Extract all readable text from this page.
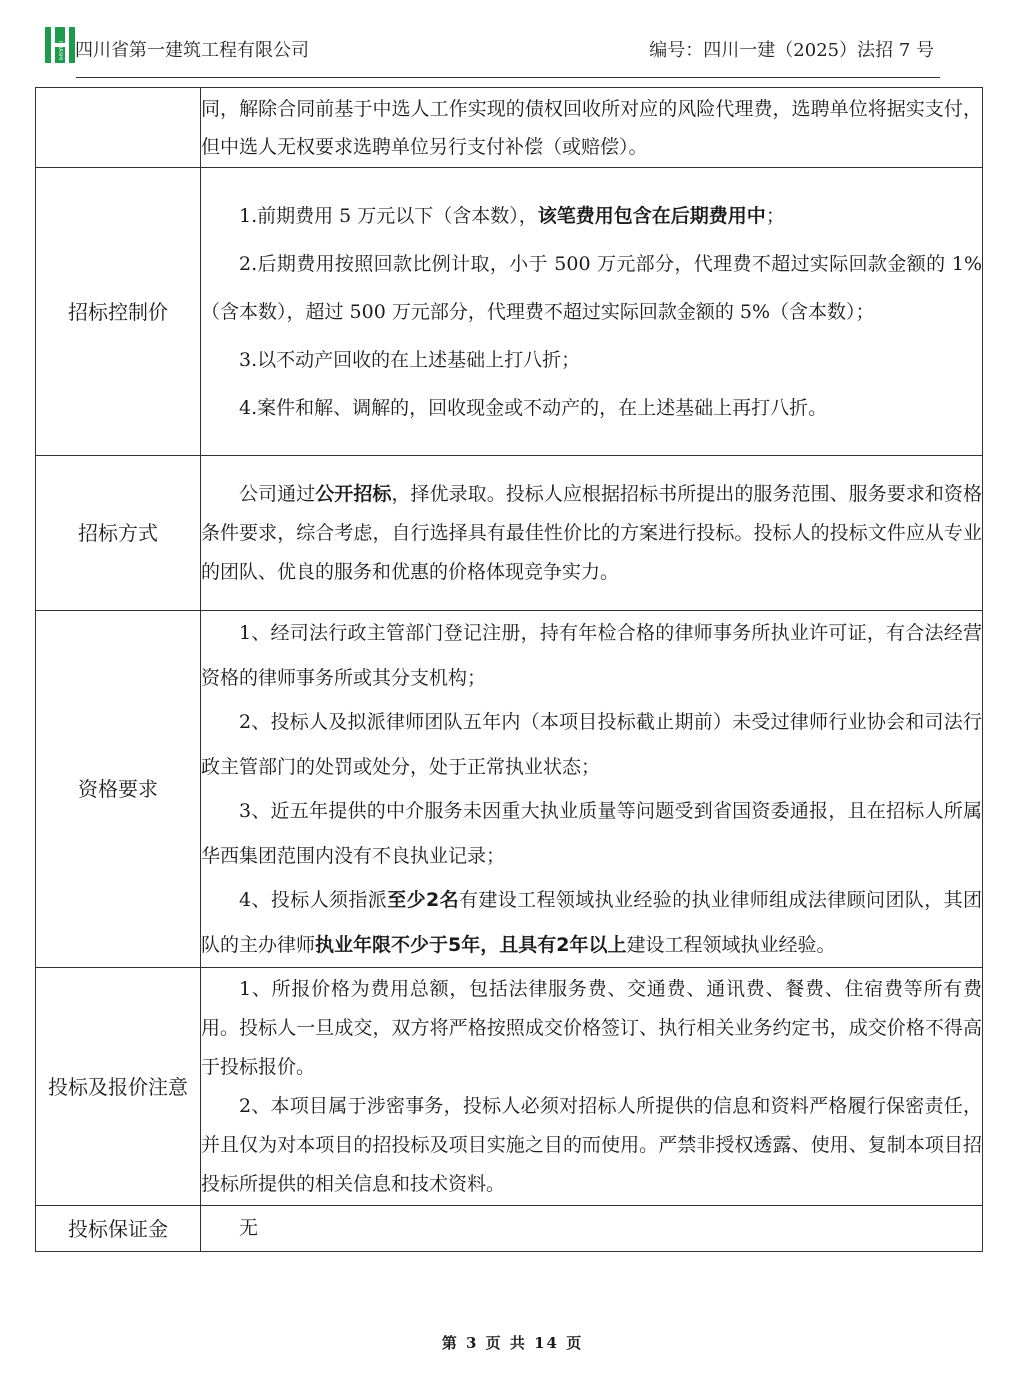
HUASHI 四川省第一建筑工程有限公司	编号：四川一建（2025）法招 7 号

	同，解除合同前基于中选人工作实现的债权回收所对应的风险代理费，选聘单位将据实支付，但中选人无权要求选聘单位另行支付补偿（或赔偿）。

招标控制价	1.前期费用 5 万元以下（含本数），该笔费用包含在后期费用中；
2.后期费用按照回款比例计取，小于 500 万元部分，代理费不超过实际回款金额的 1%（含本数），超过 500 万元部分，代理费不超过实际回款金额的 5%（含本数）；
3.以不动产回收的在上述基础上打八折；
4.案件和解、调解的，回收现金或不动产的，在上述基础上再打八折。

招标方式	公司通过公开招标，择优录取。投标人应根据招标书所提出的服务范围、服务要求和资格条件要求，综合考虑，自行选择具有最佳性价比的方案进行投标。投标人的投标文件应从专业的团队、优良的服务和优惠的价格体现竞争实力。

资格要求	1、经司法行政主管部门登记注册，持有年检合格的律师事务所执业许可证，有合法经营资格的律师事务所或其分支机构；
2、投标人及拟派律师团队五年内（本项目投标截止期前）未受过律师行业协会和司法行政主管部门的处罚或处分，处于正常执业状态；
3、近五年提供的中介服务未因重大执业质量等问题受到省国资委通报，且在招标人所属华西集团范围内没有不良执业记录；
4、投标人须指派至少2名有建设工程领域执业经验的执业律师组成法律顾问团队，其团队的主办律师执业年限不少于5年，且具有2年以上建设工程领域执业经验。

投标及报价注意	1、所报价格为费用总额，包括法律服务费、交通费、通讯费、餐费、住宿费等所有费用。投标人一旦成交，双方将严格按照成交价格签订、执行相关业务约定书，成交价格不得高于投标报价。
2、本项目属于涉密事务，投标人必须对招标人所提供的信息和资料严格履行保密责任，并且仅为对本项目的招投标及项目实施之目的而使用。严禁非授权透露、使用、复制本项目招投标所提供的相关信息和技术资料。

投标保证金	无
第 3 页 共 14 页
